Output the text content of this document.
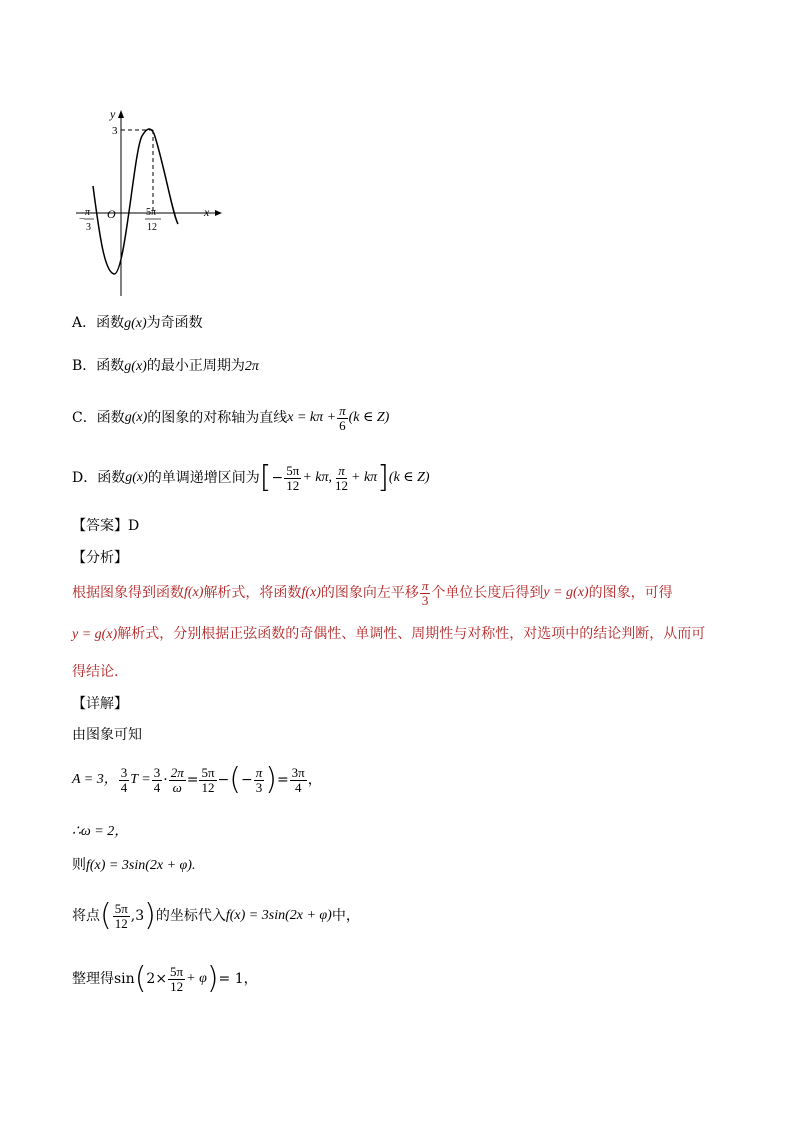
y
x
O
3
−
π
3
5π
12
A．函数g(x)为奇函数
B．函数g(x)的最小正周期为2π
C．函数 g (x) 的图象的对称轴为直线 $x = k\pi + \frac{\pi}{6} (k$ ∈ Z)
D．函数 g (x) 的单调递增区间为 [ − $\frac{5\pi}{12} + k\pi$, $\frac{\pi}{12} + k\pi$ ] (k ∈ Z)
【答案】D
【分析】
根据图象得到函数 f(x) 解析式，将函数 f(x) 的图象向左平移 $\frac{\pi}{3}$ 个单位长度后得到 y = g(x) 的图象，可得
y = g(x)解析式，分别根据正弦函数的奇偶性、单调性、周期性与对称性，对选项中的结论判断，从而可
得结论.
【详解】
由图象可知
A = 3， $\frac{3}{4}$ $T = \frac{3}{4} \cdot \frac{2\pi}{\omega} = \frac{5\pi}{12}$ − ( − $\frac{\pi}{3}$ ) = $\frac{3\pi}{4}$ ，
∴ω = 2，
则f(x) = 3sin(2x + φ).
将点 ( $\frac{5\pi}{12} ,3$ ) 的坐标代入 f(x) = 3sin(2x + φ) 中，
整理得 sin ( $2\times \frac{5\pi}{12} + \varphi$ ) = 1，
